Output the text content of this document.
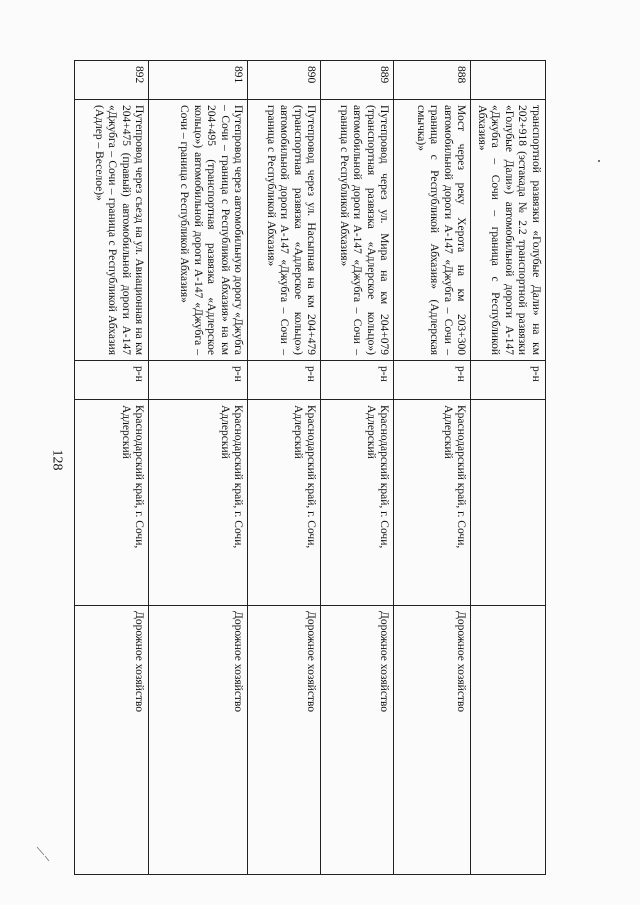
128
	транспортной развязки «Голубые Дали» на км 202+918 (эстакада № 2.2 транспортной развязки «Голубые Дали») автомобильной дороги А-147 «Джубга – Сочи – граница с Республикой Абхазия»	р-н		
888	Мост через реку Херота на км 203+300 автомобильной дороги А-147 «Джубга – Сочи – граница с Республикой Абхазия» (Адлерская смычка)»	р-н	Краснодарский край, г. Сочи, Адлерский	Дорожное хозяйство
889	Путепровод через ул. Мира на км 204+079 (транспортная развязка «Адлерское кольцо») автомобильной дороги А-147 «Джубга – Сочи – граница с Республикой Абхазия»	р-н	Краснодарский край, г. Сочи, Адлерский	Дорожное хозяйство
890	Путепровод через ул. Насыпная на км 204+479 (транспортная развязка «Адлерское кольцо») автомобильной дороги А-147 «Джубга – Сочи – граница с Республикой Абхазия»	р-н	Краснодарский край, г. Сочи, Адлерский	Дорожное хозяйство
891	Путепровод через автомобильную дорогу «Джубга – Сочи – граница с Республикой Абхазия» на км 204+495 (транспортная развязка «Адлерское кольцо») автомобильной дороги А-147 «Джубга – Сочи – граница с Республикой Абхазия»	р-н	Краснодарский край, г. Сочи, Адлерский	Дорожное хозяйство
892	Путепровод через съезд на ул. Авиационная на км 204+475 (правый) автомобильной дороги А-147 «Джубга – Сочи – граница с Республикой Абхазия (Адлер – Веселое)»	р-н	Краснодарский край, г. Сочи, Адлерский	Дорожное хозяйство
